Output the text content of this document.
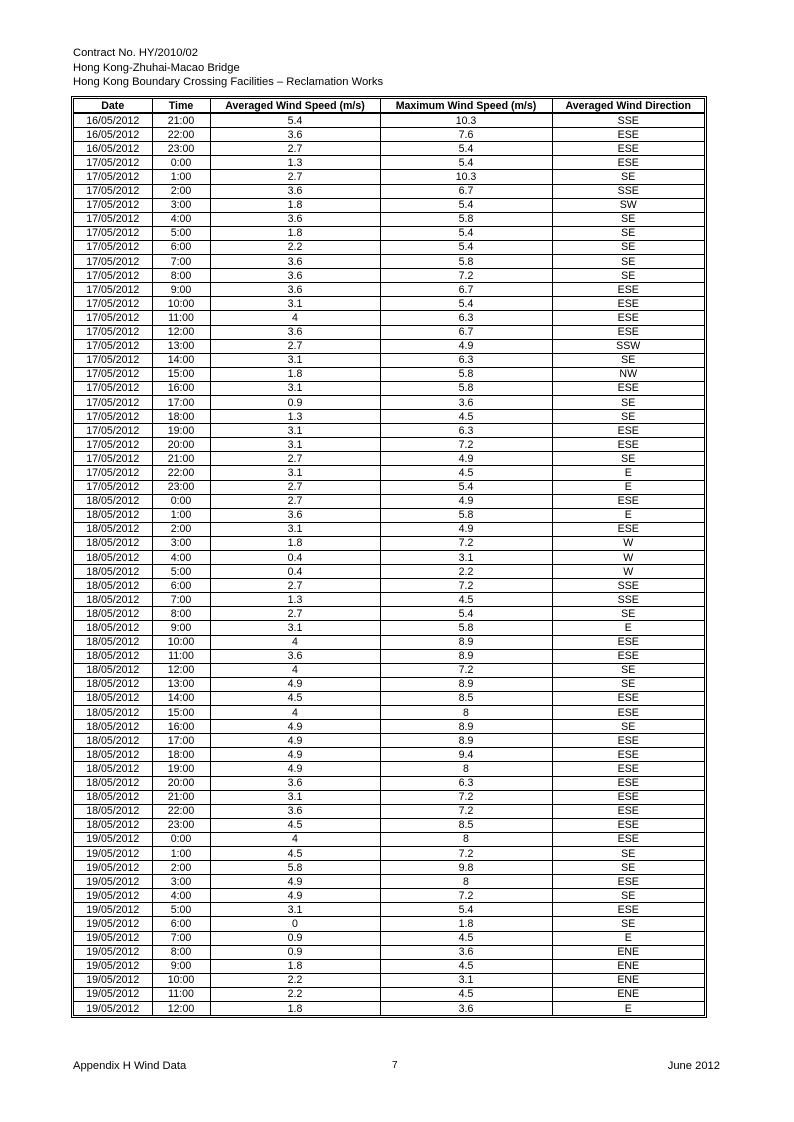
Contract No. HY/2010/02
Hong Kong-Zhuhai-Macao Bridge
Hong Kong Boundary Crossing Facilities – Reclamation Works
Date	Time	Averaged Wind Speed (m/s)	Maximum Wind Speed (m/s)	Averaged Wind Direction
16/05/2012	21:00	5.4	10.3	SSE
16/05/2012	22:00	3.6	7.6	ESE
16/05/2012	23:00	2.7	5.4	ESE
17/05/2012	0:00	1.3	5.4	ESE
17/05/2012	1:00	2.7	10.3	SE
17/05/2012	2:00	3.6	6.7	SSE
17/05/2012	3:00	1.8	5.4	SW
17/05/2012	4:00	3.6	5.8	SE
17/05/2012	5:00	1.8	5.4	SE
17/05/2012	6:00	2.2	5.4	SE
17/05/2012	7:00	3.6	5.8	SE
17/05/2012	8:00	3.6	7.2	SE
17/05/2012	9:00	3.6	6.7	ESE
17/05/2012	10:00	3.1	5.4	ESE
17/05/2012	11:00	4	6.3	ESE
17/05/2012	12:00	3.6	6.7	ESE
17/05/2012	13:00	2.7	4.9	SSW
17/05/2012	14:00	3.1	6.3	SE
17/05/2012	15:00	1.8	5.8	NW
17/05/2012	16:00	3.1	5.8	ESE
17/05/2012	17:00	0.9	3.6	SE
17/05/2012	18:00	1.3	4.5	SE
17/05/2012	19:00	3.1	6.3	ESE
17/05/2012	20:00	3.1	7.2	ESE
17/05/2012	21:00	2.7	4.9	SE
17/05/2012	22:00	3.1	4.5	E
17/05/2012	23:00	2.7	5.4	E
18/05/2012	0:00	2.7	4.9	ESE
18/05/2012	1:00	3.6	5.8	E
18/05/2012	2:00	3.1	4.9	ESE
18/05/2012	3:00	1.8	7.2	W
18/05/2012	4:00	0.4	3.1	W
18/05/2012	5:00	0.4	2.2	W
18/05/2012	6:00	2.7	7.2	SSE
18/05/2012	7:00	1.3	4.5	SSE
18/05/2012	8:00	2.7	5.4	SE
18/05/2012	9:00	3.1	5.8	E
18/05/2012	10:00	4	8.9	ESE
18/05/2012	11:00	3.6	8.9	ESE
18/05/2012	12:00	4	7.2	SE
18/05/2012	13:00	4.9	8.9	SE
18/05/2012	14:00	4.5	8.5	ESE
18/05/2012	15:00	4	8	ESE
18/05/2012	16:00	4.9	8.9	SE
18/05/2012	17:00	4.9	8.9	ESE
18/05/2012	18:00	4.9	9.4	ESE
18/05/2012	19:00	4.9	8	ESE
18/05/2012	20:00	3.6	6.3	ESE
18/05/2012	21:00	3.1	7.2	ESE
18/05/2012	22:00	3.6	7.2	ESE
18/05/2012	23:00	4.5	8.5	ESE
19/05/2012	0:00	4	8	ESE
19/05/2012	1:00	4.5	7.2	SE
19/05/2012	2:00	5.8	9.8	SE
19/05/2012	3:00	4.9	8	ESE
19/05/2012	4:00	4.9	7.2	SE
19/05/2012	5:00	3.1	5.4	ESE
19/05/2012	6:00	0	1.8	SE
19/05/2012	7:00	0.9	4.5	E
19/05/2012	8:00	0.9	3.6	ENE
19/05/2012	9:00	1.8	4.5	ENE
19/05/2012	10:00	2.2	3.1	ENE
19/05/2012	11:00	2.2	4.5	ENE
19/05/2012	12:00	1.8	3.6	E
Appendix H Wind Data	7	June 2012
